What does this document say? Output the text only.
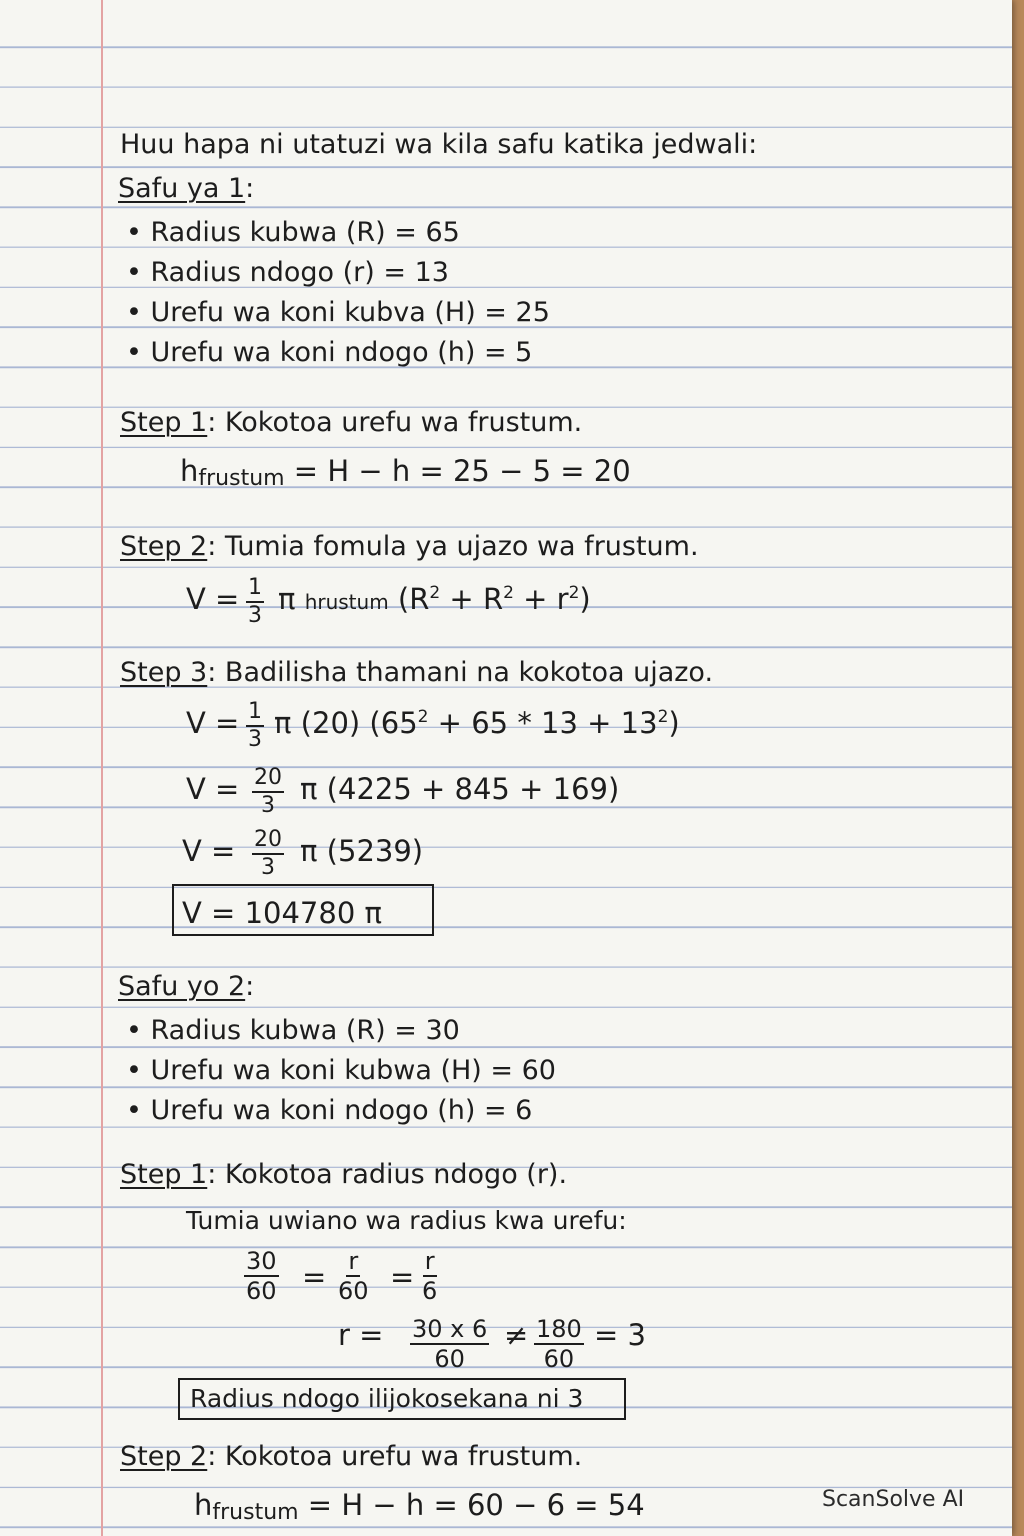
Huu hapa ni utatuzi wa kila safu katika jedwali:
Safu ya 1:
• Radius kubwa (R) = 65
• Radius ndogo (r) = 13
• Urefu wa koni kubva (H) = 25
• Urefu wa koni ndogo (h) = 5
Step 1: Kokotoa urefu wa frustum.
hfrustum = H − h = 25 − 5 = 20
Step 2: Tumia fomula ya ujazo wa frustum.
$V = \frac{1}{3}$ π hrustum $(R^2 + R^2 + r^2)$
Step 3: Badilisha thamani na kokotoa ujazo.
$V = \frac{1}{3}$ π (20) $(65^2 + 65 * 13 + 13^2)$
$V = \frac{20}{3}$ π (4225 + 845 + 169)
$V = \frac{20}{3}$ π (5239)
V = 104780 π
Safu yo 2:
• Radius kubwa (R) = 30
• Urefu wa koni kubwa (H) = 60
• Urefu wa koni ndogo (h) = 6
Step 1: Kokotoa radius ndogo (r).
Tumia uwiano wa radius kwa urefu:
$\frac{30}{60} = \frac{r}{60} = \frac{r}{6}$
$r = \frac{30 x 6}{60} \ne \frac{180}{60} = 3$
Radius ndogo ilijokosekana ni 3
Step 2: Kokotoa urefu wa frustum.
hfrustum = H − h = 60 − 6 = 54	ScanSolve AI
